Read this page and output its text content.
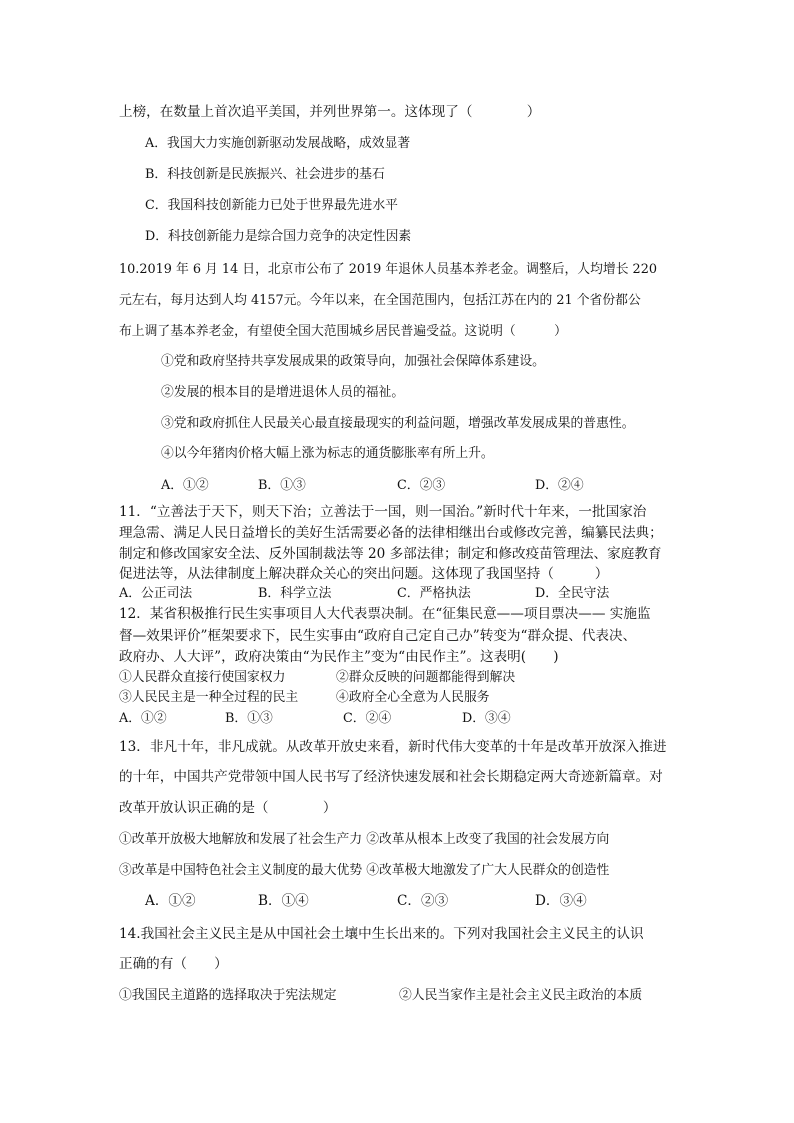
上榜，在数量上首次追平美国，并列世界第一。这体现了（　　　　）
A．我国大力实施创新驱动发展战略，成效显著
B．科技创新是民族振兴、社会进步的基石
C．我国科技创新能力已处于世界最先进水平
D．科技创新能力是综合国力竞争的决定性因素
10.2019 年 6 月 14 日，北京市公布了 2019 年退休人员基本养老金。调整后，人均增长 220
元左右，每月达到人均 4157元。今年以来，在全国范围内，包括江苏在内的 21 个省份都公
布上调了基本养老金，有望使全国大范围城乡居民普遍受益。这说明（　　　）
①党和政府坚持共享发展成果的政策导向，加强社会保障体系建设。
②发展的根本目的是增进退休人员的福祉。
③党和政府抓住人民最关心最直接最现实的利益问题，增强改革发展成果的普惠性。
④以今年猪肉价格大幅上涨为标志的通货膨胀率有所上升。
A．①②	B．①③	C．②③	D．②④
11．“立善法于天下，则天下治；立善法于一国，则一国治。”新时代十年来，一批国家治
理急需、满足人民日益增长的美好生活需要必备的法律相继出台或修改完善，编纂民法典；
制定和修改国家安全法、反外国制裁法等 20 多部法律；制定和修改疫苗管理法、家庭教育
促进法等，从法律制度上解决群众关心的突出问题。这体现了我国坚持（　　　）
A．公正司法	B．科学立法	C．严格执法	D．全民守法
12．某省积极推行民生实事项目人大代表票决制。在“征集民意——项目票决—— 实施监
督—效果评价”框架要求下，民生实事由“政府自己定自己办”转变为“群众提、代表决、
政府办、人大评”，政府决策由“为民作主”变为“由民作主”。这表明(　　)
①人民群众直接行使国家权力	②群众反映的问题都能得到解决
③人民民主是一种全过程的民主	④政府全心全意为人民服务
A．①②	B．①③	C．②④	D．③④
13．非凡十年，非凡成就。从改革开放史来看，新时代伟大变革的十年是改革开放深入推进
的十年，中国共产党带领中国人民书写了经济快速发展和社会长期稳定两大奇迹新篇章。对
改革开放认识正确的是（　　　　）
①改革开放极大地解放和发展了社会生产力 ②改革从根本上改变了我国的社会发展方向
③改革是中国特色社会主义制度的最大优势 ④改革极大地激发了广大人民群众的创造性
A．①②	B．①④	C．②③	D．③④
14.我国社会主义民主是从中国社会土壤中生长出来的。下列对我国社会主义民主的认识
正确的有（　　）
①我国民主道路的选择取决于宪法规定	②人民当家作主是社会主义民主政治的本质
